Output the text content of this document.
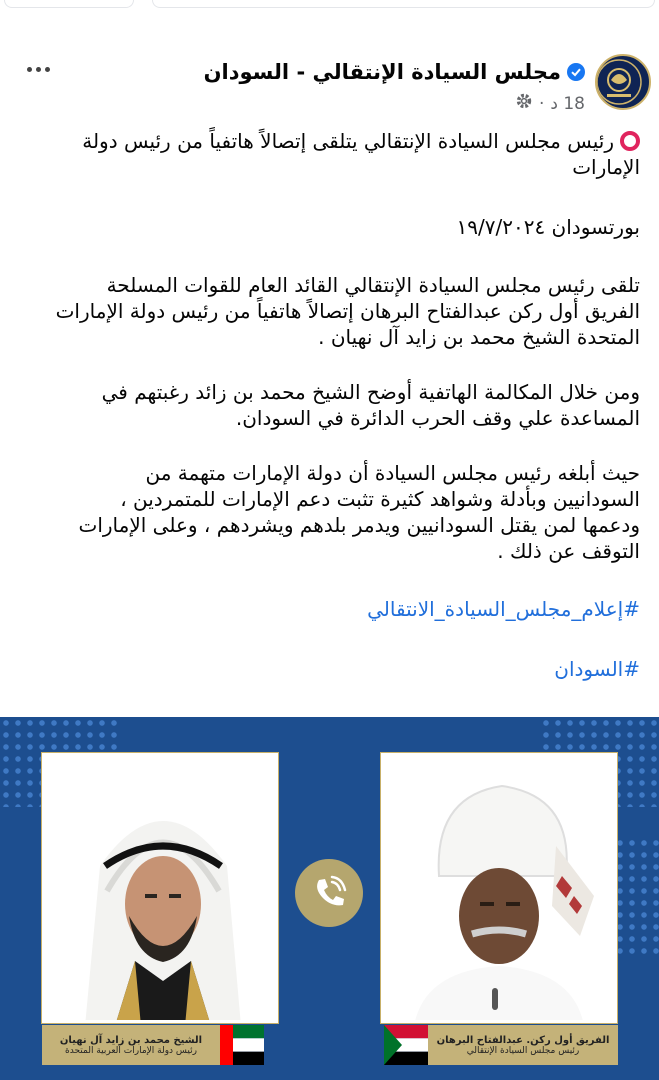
مجلس السيادة الإنتقالي - السودان
18 د
·

رئيس مجلس السيادة الإنتقالي يتلقى إتصالاً هاتفياً من رئيس دولة

الإمارات

بورتسودان ١٩/٧/٢٠٢٤

تلقى رئيس مجلس السيادة الإنتقالي القائد العام للقوات المسلحة

الفريق أول ركن عبدالفتاح البرهان إتصالاً هاتفياً من رئيس دولة الإمارات

المتحدة الشيخ محمد بن زايد آل نهيان .

ومن خلال المكالمة الهاتفية أوضح الشيخ محمد بن زائد رغبتهم في

المساعدة علي وقف الحرب الدائرة في السودان.

حيث أبلغه رئيس مجلس السيادة أن دولة الإمارات متهمة من

السودانيين وبأدلة وشواهد كثيرة تثبت دعم الإمارات للمتمردين ،

ودعمها لمن يقتل السودانيين ويدمر بلدهم ويشردهم ، وعلى الإمارات

التوقف عن ذلك .

#إعلام_مجلس_السيادة_الانتقالي

#السودان

الشيخ محمد بن زايد آل نهيان
رئيس دولة الإمارات العربية المتحدة
الفريق أول ركن. عبدالفتاح البرهان
رئيس مجلس السيادة الإنتقالي
